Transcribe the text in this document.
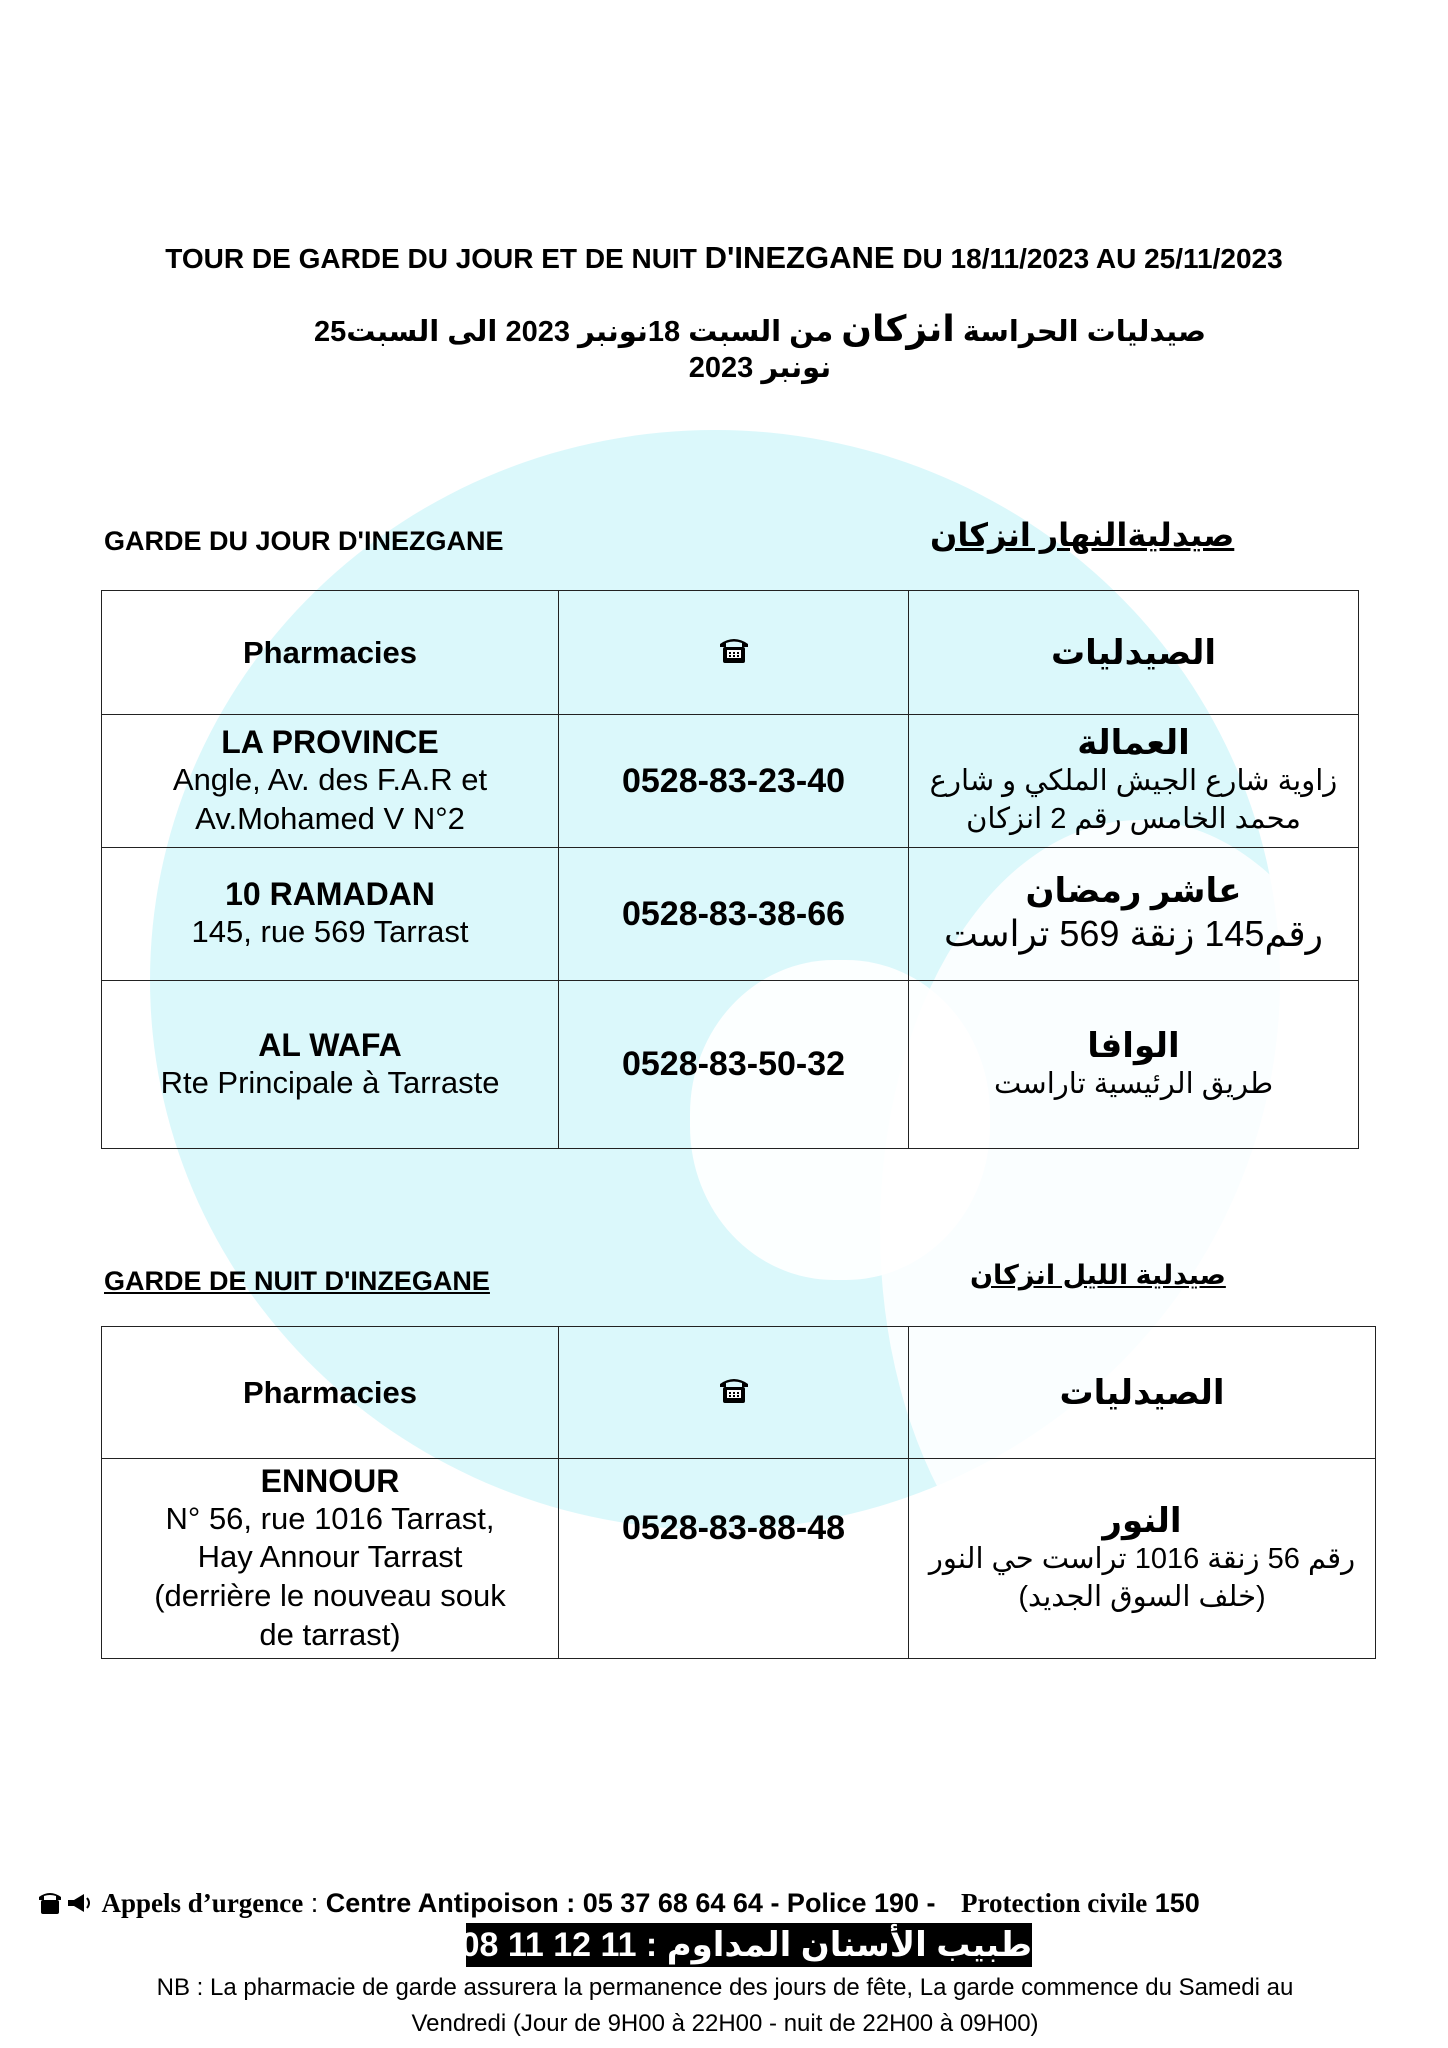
TOUR DE GARDE DU JOUR ET DE NUIT D'INEZGANE DU 18/11/2023 AU 25/11/2023
صيدليات الحراسة انزكان من السبت 18نونبر 2023 الى السبت25 نونبر 2023
GARDE DU JOUR D'INEZGANE	صيدليةالنهار انزكان
Pharmacies		الصيدليات

LA PROVINCE
Angle, Av. des F.A.R et
Av.Mohamed V N°2	0528-83-23-40	العمالة
زاوية شارع الجيش الملكي و شارع
محمد الخامس رقم 2 انزكان

10 RAMADAN
145, rue 569 Tarrast	0528-83-38-66	عاشر رمضان
رقم145 زنقة 569 تراست

AL WAFA
Rte Principale à Tarraste	0528-83-50-32	الوافا
طريق الرئيسية تاراست
GARDE DE NUIT D'INZEGANE	صيدلية الليل انزكان
Pharmacies		الصيدليات

ENNOUR
N° 56, rue 1016 Tarrast,
Hay Annour Tarrast
(derrière le nouveau souk
de tarrast)	0528-83-88-48	النور
رقم 56 زنقة 1016 تراست حي النور
(خلف السوق الجديد)
Appels d’urgence : Centre Antipoison : 05 37 68 64 64 - Police 190 - Protection civile 150
طبيب الأسنان المداوم : 11 12 11 08 06
NB : La pharmacie de garde assurera la permanence des jours de fête, La garde commence du Samedi au Vendredi (Jour de 9H00 à 22H00 - nuit de 22H00 à 09H00)
